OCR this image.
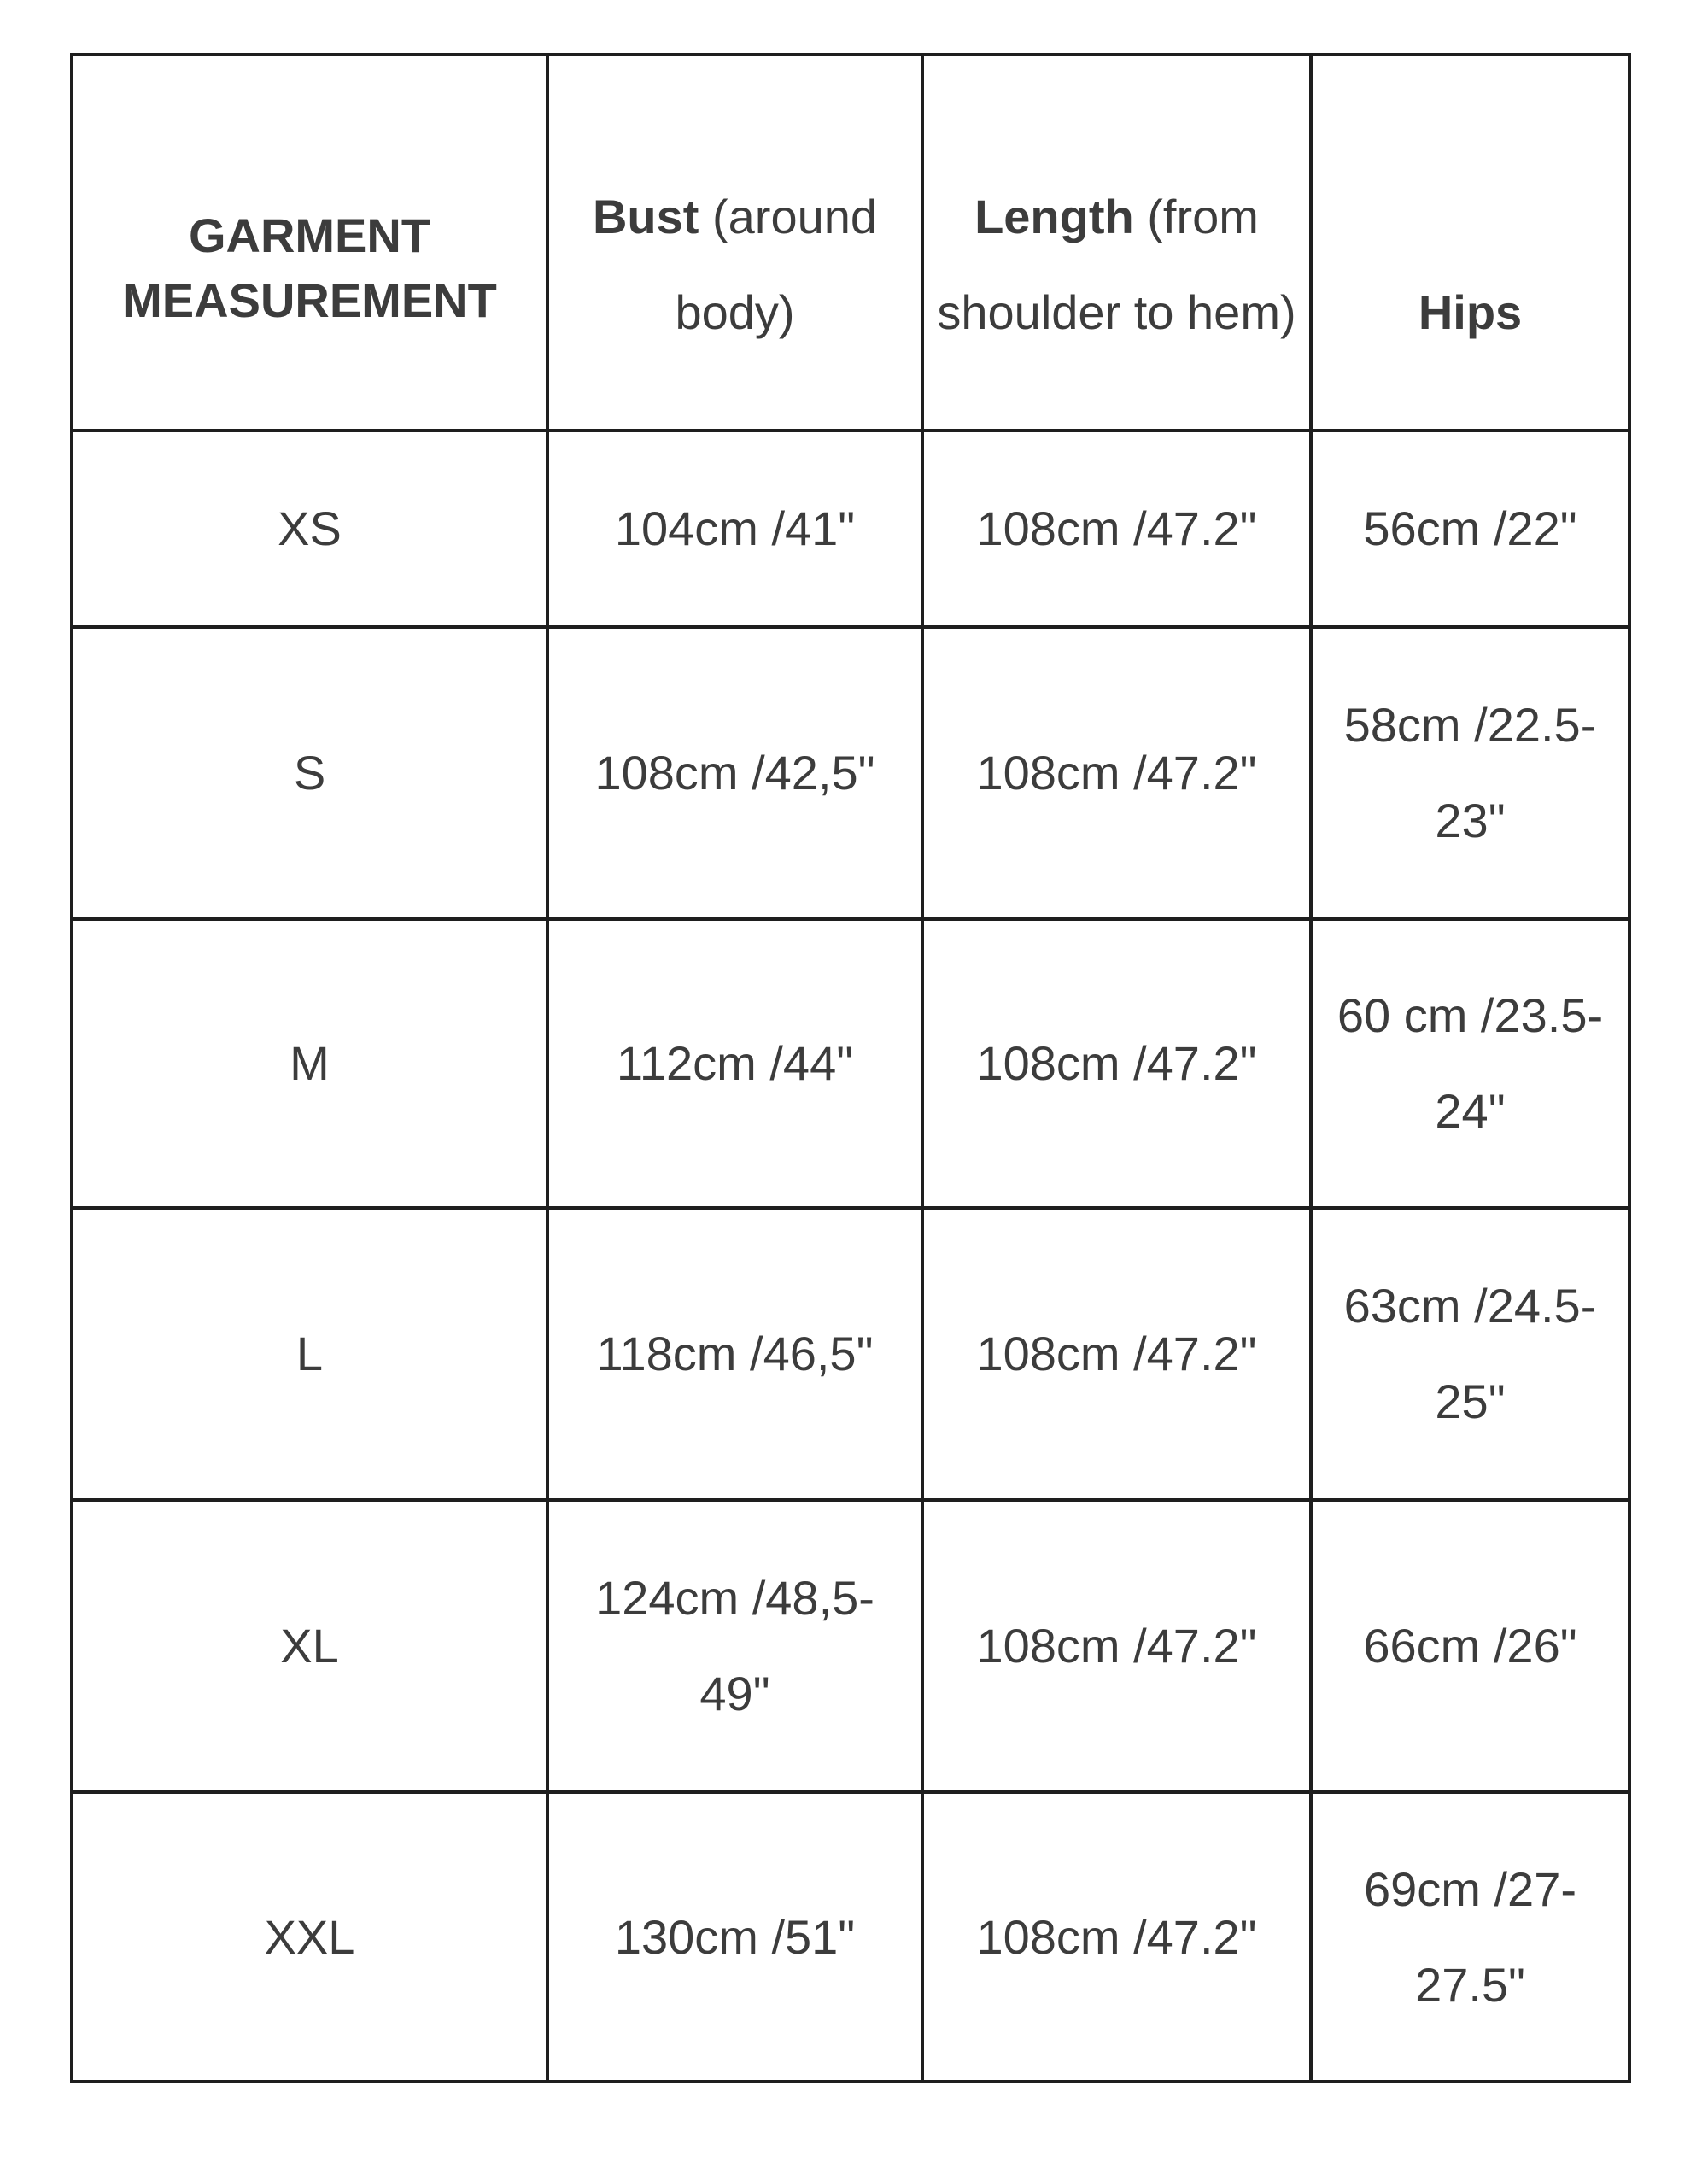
GARMENT
MEASUREMENT	Bust (around body)	Length (from shoulder to hem)	Hips
XS	104cm /41"	108cm /47.2"	56cm /22"
S	108cm /42,5"	108cm /47.2"	58cm /22.5-23"
M	112cm /44"	108cm /47.2"	60 cm /23.5-24"
L	118cm /46,5"	108cm /47.2"	63cm /24.5-25"
XL	124cm /48,5-49"	108cm /47.2"	66cm /26"
XXL	130cm /51"	108cm /47.2"	69cm /27-27.5"
